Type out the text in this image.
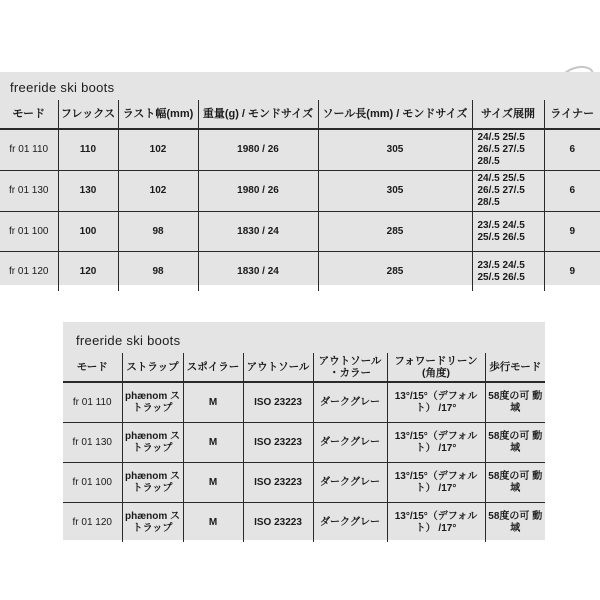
freeride ski boots
モード	フレックス	ラスト幅(mm)	重量(g) / モンドサイズ	ソール長(mm) / モンドサイズ	サイズ展開	ライナー
fr 01 110	110	102	1980 / 26	305	24/.5 25/.5 26/.5 27/.5 28/.5	6
fr 01 130	130	102	1980 / 26	305	24/.5 25/.5 26/.5 27/.5 28/.5	6
fr 01 100	100	98	1830 / 24	285	23/.5 24/.5 25/.5 26/.5	9
fr 01 120	120	98	1830 / 24	285	23/.5 24/.5 25/.5 26/.5	9
freeride ski boots
モード	ストラップ	スポイラー	アウトソール	アウトソール ・カラー	フォワードリーン (角度)	歩行モード
fr 01 110	phænom ストラップ	M	ISO 23223	ダークグレー	13°/15°（デフォルト） /17°	58度の可 動域
fr 01 130	phænom ストラップ	M	ISO 23223	ダークグレー	13°/15°（デフォルト） /17°	58度の可 動域
fr 01 100	phænom ストラップ	M	ISO 23223	ダークグレー	13°/15°（デフォルト） /17°	58度の可 動域
fr 01 120	phænom ストラップ	M	ISO 23223	ダークグレー	13°/15°（デフォルト） /17°	58度の可 動域
